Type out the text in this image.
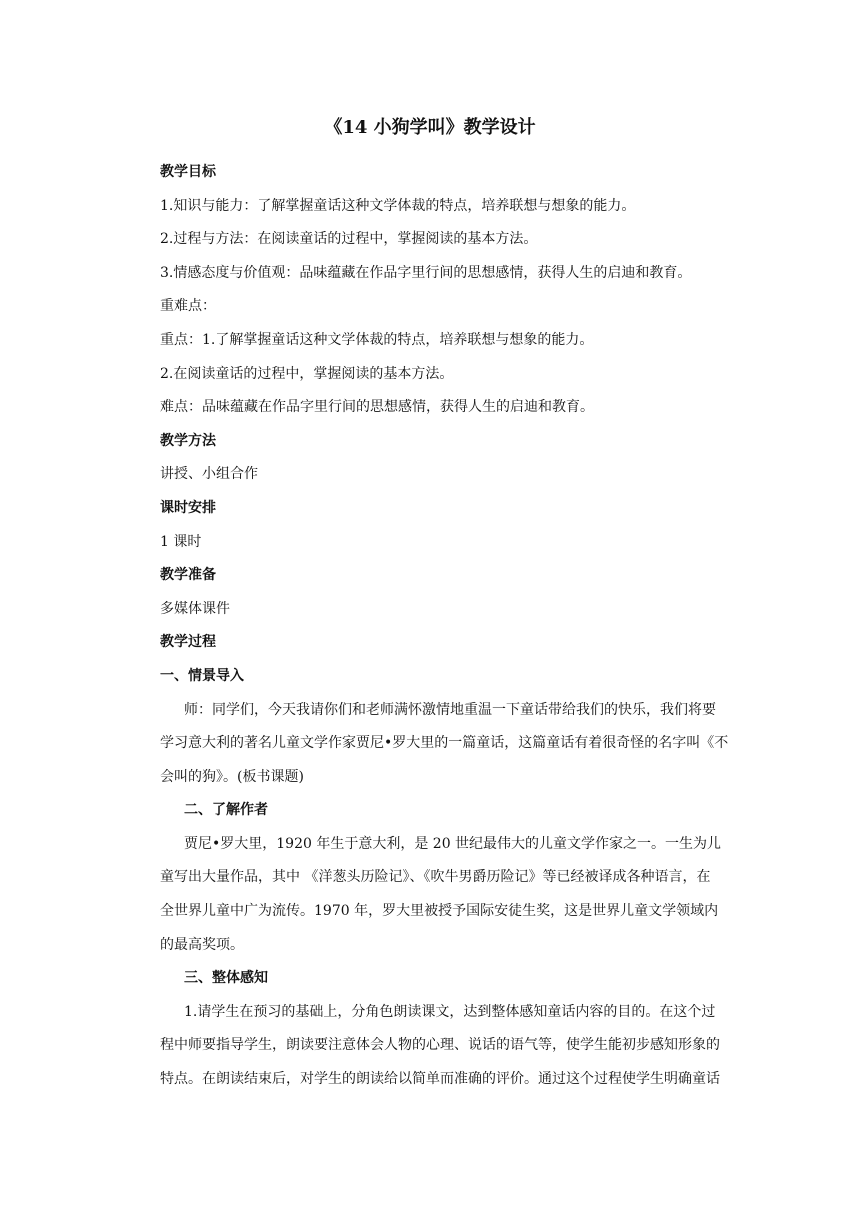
《14 小狗学叫》教学设计
教学目标
1.知识与能力：了解掌握童话这种文学体裁的特点，培养联想与想象的能力。
2.过程与方法：在阅读童话的过程中，掌握阅读的基本方法。
3.情感态度与价值观：品味蕴藏在作品字里行间的思想感情，获得人生的启迪和教育。
重难点：
重点：1.了解掌握童话这种文学体裁的特点，培养联想与想象的能力。
2.在阅读童话的过程中，掌握阅读的基本方法。
难点：品味蕴藏在作品字里行间的思想感情，获得人生的启迪和教育。
教学方法
讲授、小组合作
课时安排
1 课时
教学准备
多媒体课件
教学过程
一、情景导入
师：同学们，今天我请你们和老师满怀激情地重温一下童话带给我们的快乐，我们将要
学习意大利的著名儿童文学作家贾尼•罗大里的一篇童话，这篇童话有着很奇怪的名字叫《不
会叫的狗》。(板书课题)
二、了解作者
贾尼•罗大里，1920 年生于意大利，是 20 世纪最伟大的儿童文学作家之一。一生为儿
童写出大量作品，其中 《洋葱头历险记》、《吹牛男爵历险记》等已经被译成各种语言，在
全世界儿童中广为流传。1970 年，罗大里被授予国际安徒生奖，这是世界儿童文学领域内
的最高奖项。
三、整体感知
1.请学生在预习的基础上，分角色朗读课文，达到整体感知童话内容的目的。在这个过
程中师要指导学生，朗读要注意体会人物的心理、说话的语气等，使学生能初步感知形象的
特点。在朗读结束后，对学生的朗读给以简单而准确的评价。通过这个过程使学生明确童话
